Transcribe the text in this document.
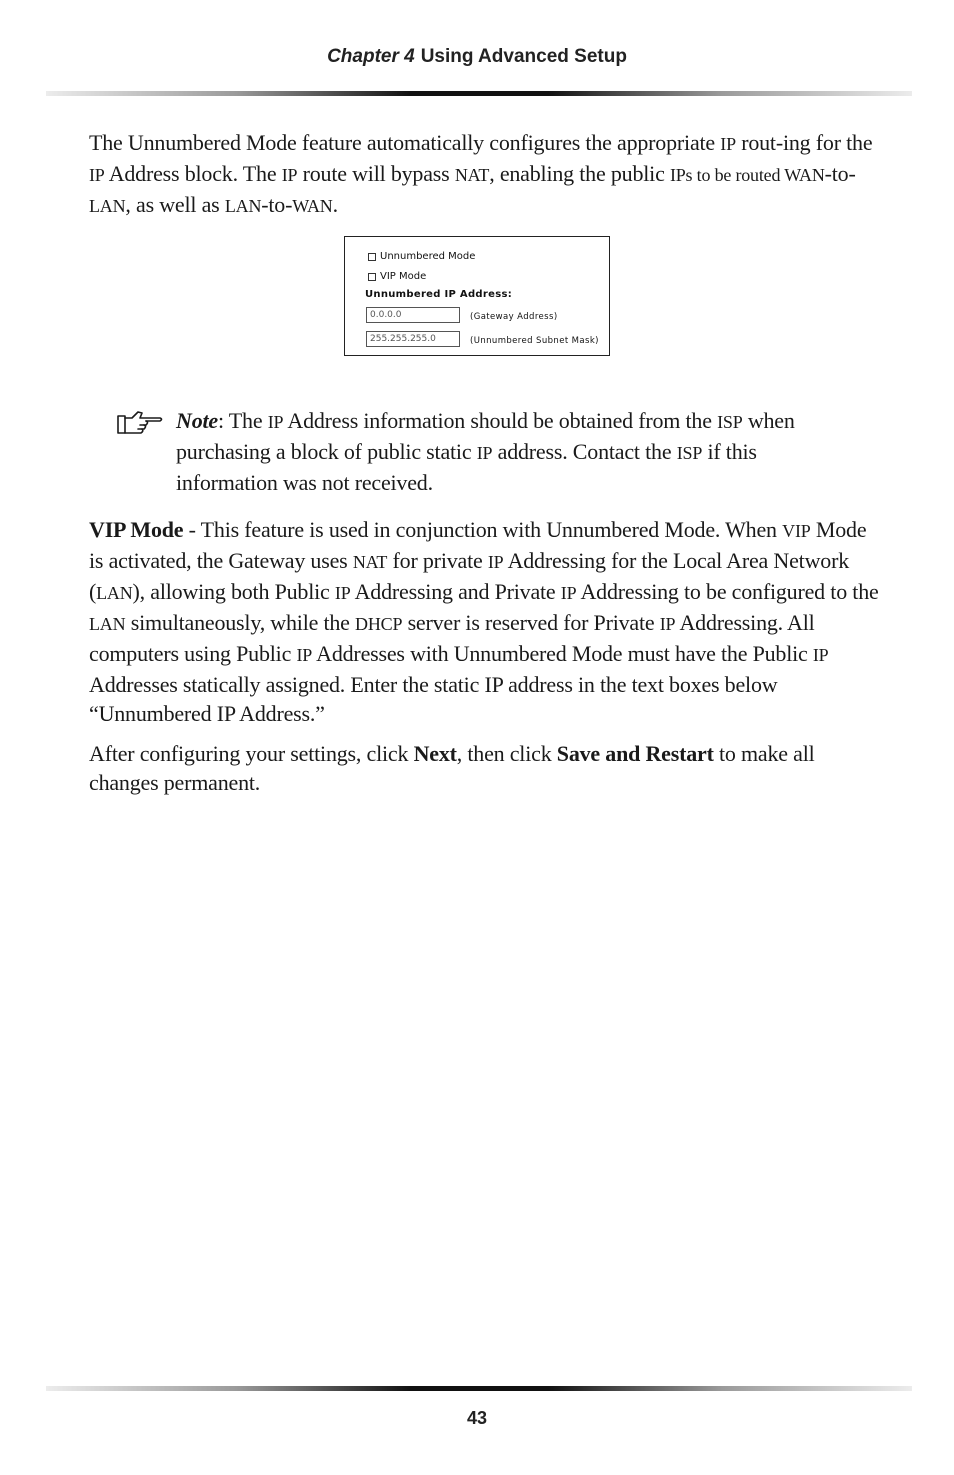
Chapter 4 Using Advanced Setup

The Unnumbered Mode feature automatically configures the appropriate IP rout-ing for the IP Address block. The IP route will bypass NAT, enabling the public IPs to be routed WAN-to-LAN, as well as LAN-to-WAN.

Unnumbered Mode
VIP Mode
Unnumbered IP Address:
0.0.0.0	(Gateway Address)
255.255.255.0	(Unnumbered Subnet Mask)
Note: The IP Address information should be obtained from the ISP when purchasing a block of public static IP address. Contact the ISP if this information was not received.

VIP Mode - This feature is used in conjunction with Unnumbered Mode. When VIP Mode is activated, the Gateway uses NAT for private IP Addressing for the Local Area Network (LAN), allowing both Public IP Addressing and Private IP Addressing to be configured to the LAN simultaneously, while the DHCP server is reserved for Private IP Addressing. All computers using Public IP Addresses with Unnumbered Mode must have the Public IP Addresses statically assigned. Enter the static IP address in the text boxes below “Unnumbered IP Address.”

After configuring your settings, click Next, then click Save and Restart to make all changes permanent.

43
